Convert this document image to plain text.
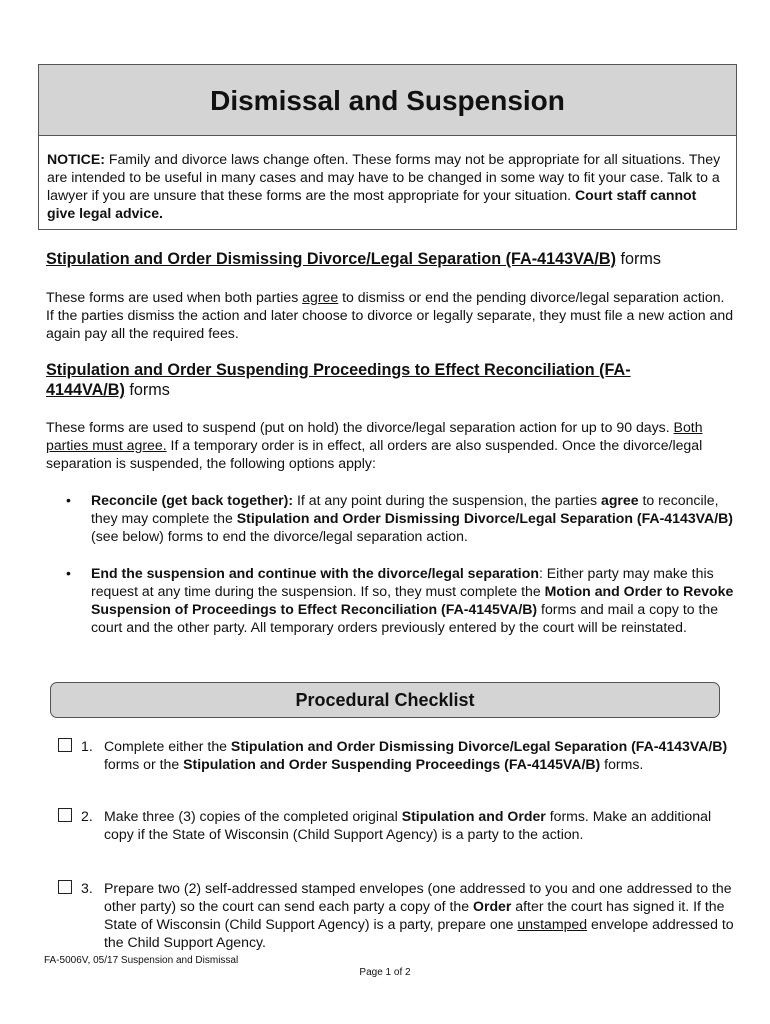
Dismissal and Suspension
NOTICE: Family and divorce laws change often. These forms may not be appropriate for all situations. They are intended to be useful in many cases and may have to be changed in some way to fit your case. Talk to a lawyer if you are unsure that these forms are the most appropriate for your situation. Court staff cannot give legal advice.
Stipulation and Order Dismissing Divorce/Legal Separation (FA-4143VA/B) forms
These forms are used when both parties agree to dismiss or end the pending divorce/legal separation action. If the parties dismiss the action and later choose to divorce or legally separate, they must file a new action and again pay all the required fees.
Stipulation and Order Suspending Proceedings to Effect Reconciliation (FA-
4144VA/B) forms
These forms are used to suspend (put on hold) the divorce/legal separation action for up to 90 days. Both parties must agree. If a temporary order is in effect, all orders are also suspended. Once the divorce/legal separation is suspended, the following options apply:
• Reconcile (get back together): If at any point during the suspension, the parties agree to reconcile, they may complete the Stipulation and Order Dismissing Divorce/Legal Separation (FA-4143VA/B) (see below) forms to end the divorce/legal separation action.
• End the suspension and continue with the divorce/legal separation: Either party may make this request at any time during the suspension. If so, they must complete the Motion and Order to Revoke Suspension of Proceedings to Effect Reconciliation (FA-4145VA/B) forms and mail a copy to the court and the other party. All temporary orders previously entered by the court will be reinstated.
Procedural Checklist
1. Complete either the Stipulation and Order Dismissing Divorce/Legal Separation (FA-4143VA/B) forms or the Stipulation and Order Suspending Proceedings (FA-4145VA/B) forms.
2. Make three (3) copies of the completed original Stipulation and Order forms. Make an additional copy if the State of Wisconsin (Child Support Agency) is a party to the action.
3. Prepare two (2) self-addressed stamped envelopes (one addressed to you and one addressed to the other party) so the court can send each party a copy of the Order after the court has signed it. If the State of Wisconsin (Child Support Agency) is a party, prepare one unstamped envelope addressed to the Child Support Agency.
FA-5006V, 05/17 Suspension and Dismissal
Page 1 of 2
